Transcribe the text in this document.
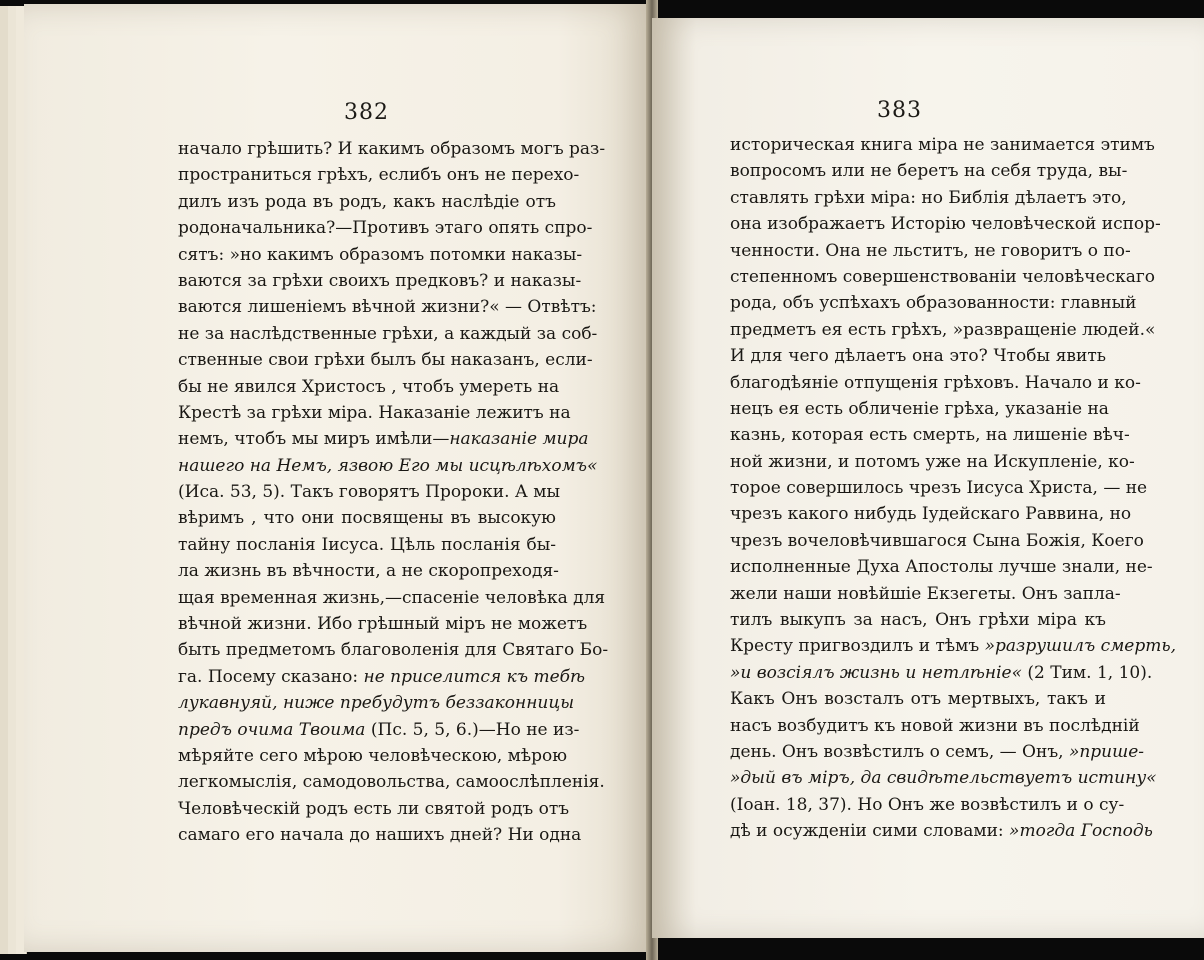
382
начало грѣшить? И какимъ образомъ могъ раз-
пространиться грѣхъ, еслибъ онъ не перехо-
дилъ изъ рода въ родъ, какъ наслѣдіе отъ
родоначальника?—Противъ этаго опять спро-
сятъ: »но какимъ образомъ потомки наказы-
ваются за грѣхи своихъ предковъ? и наказы-
ваются лишеніемъ вѣчной жизни?« — Отвѣтъ:
не за наслѣдственные грѣхи, а каждый за соб-
ственные свои грѣхи былъ бы наказанъ, если-
бы не явился Христосъ , чтобъ умереть на
Крестѣ за грѣхи міра. Наказаніе лежитъ на
немъ, чтобъ мы миръ имѣли—наказаніе мира
нашего на Немъ, язвою Его мы исцѣлѣхомъ«
(Иса. 53, 5). Такъ говорятъ Пророки. А мы
вѣримъ , что они посвящены въ высокую
тайну посланія Іисуса. Цѣль посланія бы-
ла жизнь въ вѣчности, а не скоропреходя-
щая временная жизнь,—спасеніе человѣка для
вѣчной жизни. Ибо грѣшный міръ не можетъ
быть предметомъ благоволенія для Святаго Бо-
га. Посему сказано: не приселится къ тебѣ
лукавнуяй, ниже пребудутъ беззаконницы
предъ очима Твоима (Пс. 5, 5, 6.)—Но не из-
мѣряйте сего мѣрою человѣческою, мѣрою
легкомыслія, самодовольства, самоослѣпленія.
Человѣческій родъ есть ли святой родъ отъ
самаго его начала до нашихъ дней? Ни одна
383
историческая книга міра не занимается этимъ
вопросомъ или не беретъ на себя труда, вы-
ставлять грѣхи міра: но Библія дѣлаетъ это,
она изображаетъ Исторію человѣческой испор-
ченности. Она не льститъ, не говоритъ о по-
степенномъ совершенствованіи человѣческаго
рода, объ успѣхахъ образованности: главный
предметъ ея есть грѣхъ, »развращеніе людей.«
И для чего дѣлаетъ она это? Чтобы явить
благодѣяніе отпущенія грѣховъ. Начало и ко-
нецъ ея есть обличеніе грѣха, указаніе на
казнь, которая есть смерть, на лишеніе вѣч-
ной жизни, и потомъ уже на Искупленіе, ко-
торое совершилось чрезъ Іисуса Христа, — не
чрезъ какого нибудь Іудейскаго Раввина, но
чрезъ вочеловѣчившагося Сына Божія, Коего
исполненные Духа Апостолы лучше знали, не-
жели наши новѣйшіе Екзегеты. Онъ запла-
тилъ выкупъ за насъ, Онъ грѣхи міра къ
Кресту пригвоздилъ и тѣмъ »разрушилъ смерть,
»и возсіялъ жизнь и нетлѣніе« (2 Тим. 1, 10).
Какъ Онъ возсталъ отъ мертвыхъ, такъ и
насъ возбудитъ къ новой жизни въ послѣдній
день. Онъ возвѣстилъ о семъ, — Онъ, »прише-
»дый въ міръ, да свидѣтельствуетъ истину«
(Іоан. 18, 37). Но Онъ же возвѣстилъ и о су-
дѣ и осужденіи сими словами: »тогда Господь
